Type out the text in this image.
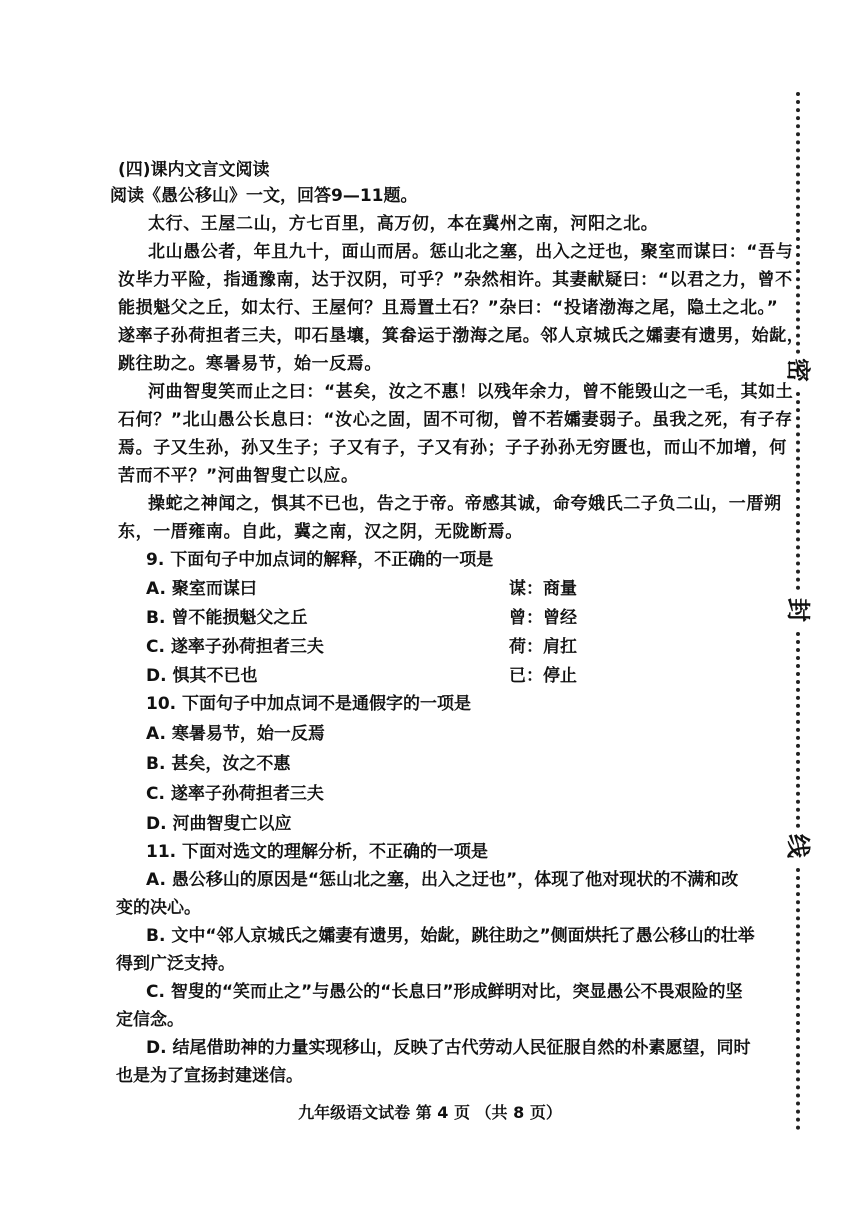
密
封
线
(四)课内文言文阅读
阅读《愚公移山》一文，回答9—11题。
太行、王屋二山，方七百里，高万仞，本在冀州之南，河阳之北。
北山愚公者，年且九十，面山而居。惩山北之塞，出入之迂也，聚室而谋曰：“吾与
汝毕力平险，指通豫南，达于汉阴，可乎？”杂然相许。其妻献疑曰：“以君之力，曾不
能损魁父之丘，如太行、王屋何？且焉置土石？”杂曰：“投诸渤海之尾，隐土之北。”
遂率子孙荷担者三夫，叩石垦壤，箕畚运于渤海之尾。邻人京城氏之孀妻有遗男，始龀，
跳往助之。寒暑易节，始一反焉。
河曲智叟笑而止之曰：“甚矣，汝之不惠！以残年余力，曾不能毁山之一毛，其如土
石何？”北山愚公长息曰：“汝心之固，固不可彻，曾不若孀妻弱子。虽我之死，有子存
焉。子又生孙，孙又生子；子又有子，子又有孙；子子孙孙无穷匮也，而山不加增，何
苦而不平？”河曲智叟亡以应。
操蛇之神闻之，惧其不已也，告之于帝。帝感其诚，命夸娥氏二子负二山，一厝朔
东，一厝雍南。自此，冀之南，汉之阴，无陇断焉。
9. 下面句子中加点词的解释，不正确的一项是
A. 聚室而谋曰	谋：商量
B. 曾不能损魁父之丘	曾：曾经
C. 遂率子孙荷担者三夫	荷：肩扛
D. 惧其不已也	已：停止
10. 下面句子中加点词不是通假字的一项是
A. 寒暑易节，始一反焉
B. 甚矣，汝之不惠
C. 遂率子孙荷担者三夫
D. 河曲智叟亡以应
11. 下面对选文的理解分析，不正确的一项是
A. 愚公移山的原因是“惩山北之塞，出入之迂也”，体现了他对现状的不满和改
变的决心。
B. 文中“邻人京城氏之孀妻有遗男，始龀，跳往助之”侧面烘托了愚公移山的壮举
得到广泛支持。
C. 智叟的“笑而止之”与愚公的“长息曰”形成鲜明对比，突显愚公不畏艰险的坚
定信念。
D. 结尾借助神的力量实现移山，反映了古代劳动人民征服自然的朴素愿望，同时
也是为了宣扬封建迷信。
九年级语文试卷 第 4 页 （共 8 页）
